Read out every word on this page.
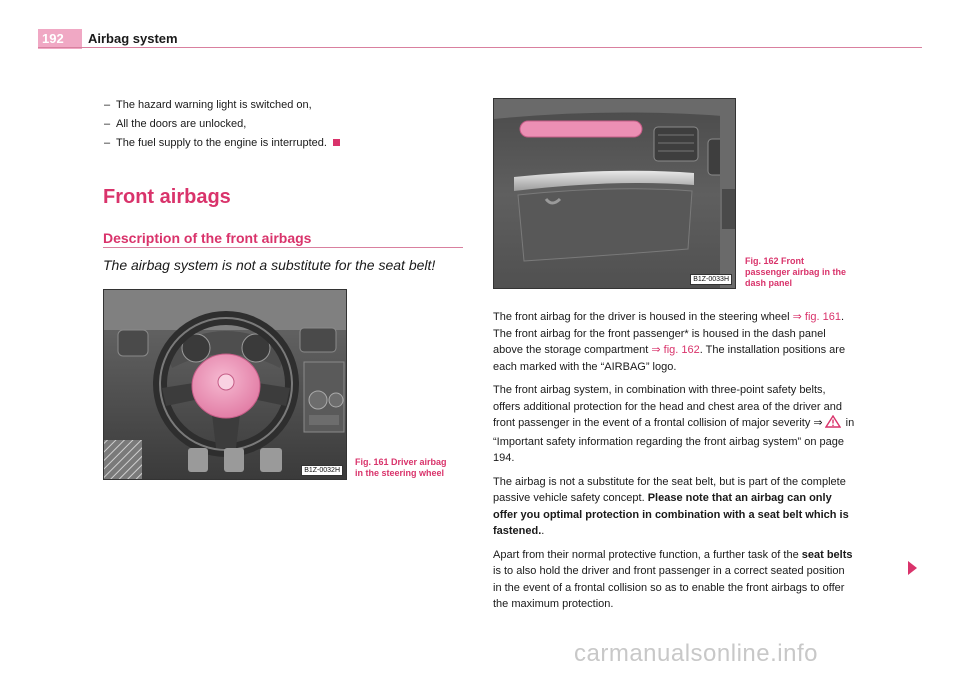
192	Airbag system
– The hazard warning light is switched on,
– All the doors are unlocked,
– The fuel supply to the engine is interrupted.
Front airbags
Description of the front airbags
The airbag system is not a substitute for the seat belt!
B1Z-0032H
Fig. 161 Driver airbag
in the steering wheel
B1Z-0033H
Fig. 162 Front
passenger airbag in the
dash panel

The front airbag for the driver is housed in the steering wheel ⇒ fig. 161. The front airbag for the front passenger* is housed in the dash panel above the storage compartment ⇒ fig. 162. The installation positions are each marked with the “AIRBAG” logo.

The front airbag system, in combination with three-point safety belts, offers additional protection for the head and chest area of the driver and front passenger in the event of a frontal collision of major severity ⇒ in “Important safety information regarding the front airbag system” on page 194.

The airbag is not a substitute for the seat belt, but is part of the complete passive vehicle safety concept. Please note that an airbag can only offer you optimal protection in combination with a seat belt which is fastened..

Apart from their normal protective function, a further task of the seat belts is to also hold the driver and front passenger in a correct seated position in the event of a frontal collision so as to enable the front airbags to offer the maximum protection.

carmanualsonline.info
